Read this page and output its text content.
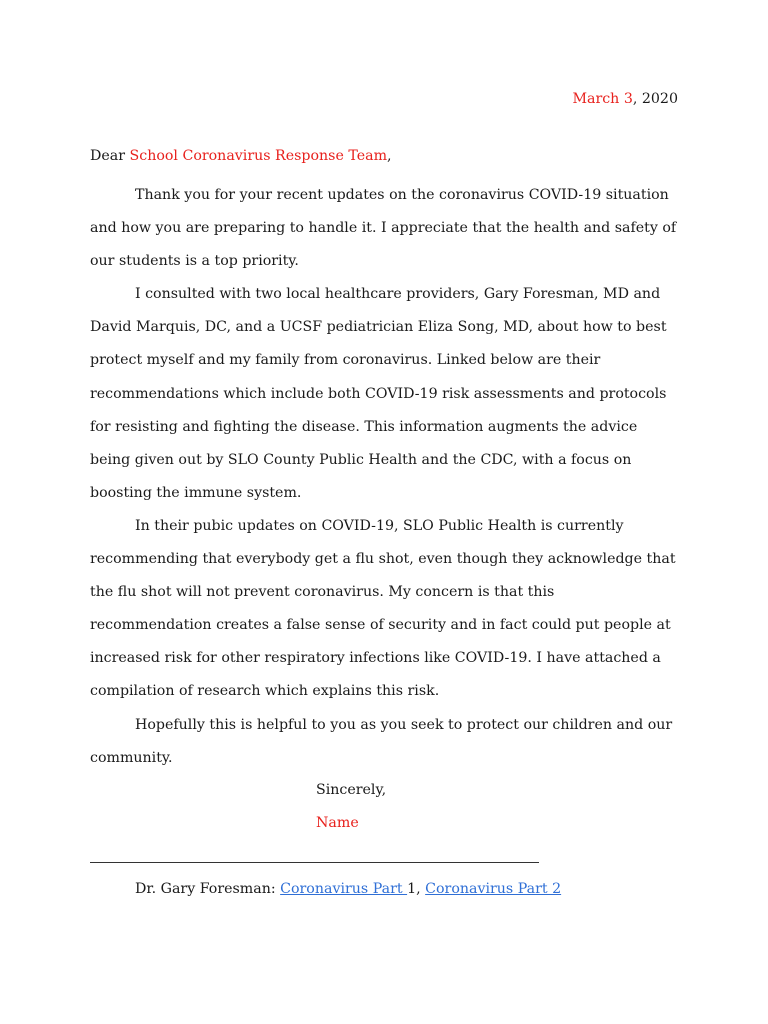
March 3, 2020
Dear School Coronavirus Response Team,

Thank you for your recent updates on the coronavirus COVID-19 situation and how you are preparing to handle it. I appreciate that the health and safety of our students is a top priority.

I consulted with two local healthcare providers, Gary Foresman, MD and David Marquis, DC, and a UCSF pediatrician Eliza Song, MD, about how to best protect myself and my family from coronavirus. Linked below are their recommendations which include both COVID-19 risk assessments and protocols for resisting and fighting the disease. This information augments the advice being given out by SLO County Public Health and the CDC, with a focus on boosting the immune system.

In their pubic updates on COVID-19, SLO Public Health is currently recommending that everybody get a flu shot, even though they acknowledge that the flu shot will not prevent coronavirus. My concern is that this recommendation creates a false sense of security and in fact could put people at increased risk for other respiratory infections like COVID-19. I have attached a compilation of research which explains this risk.

Hopefully this is helpful to you as you seek to protect our children and our community.

Sincerely,
Name
Dr. Gary Foresman: Coronavirus Part 1, Coronavirus Part 2
